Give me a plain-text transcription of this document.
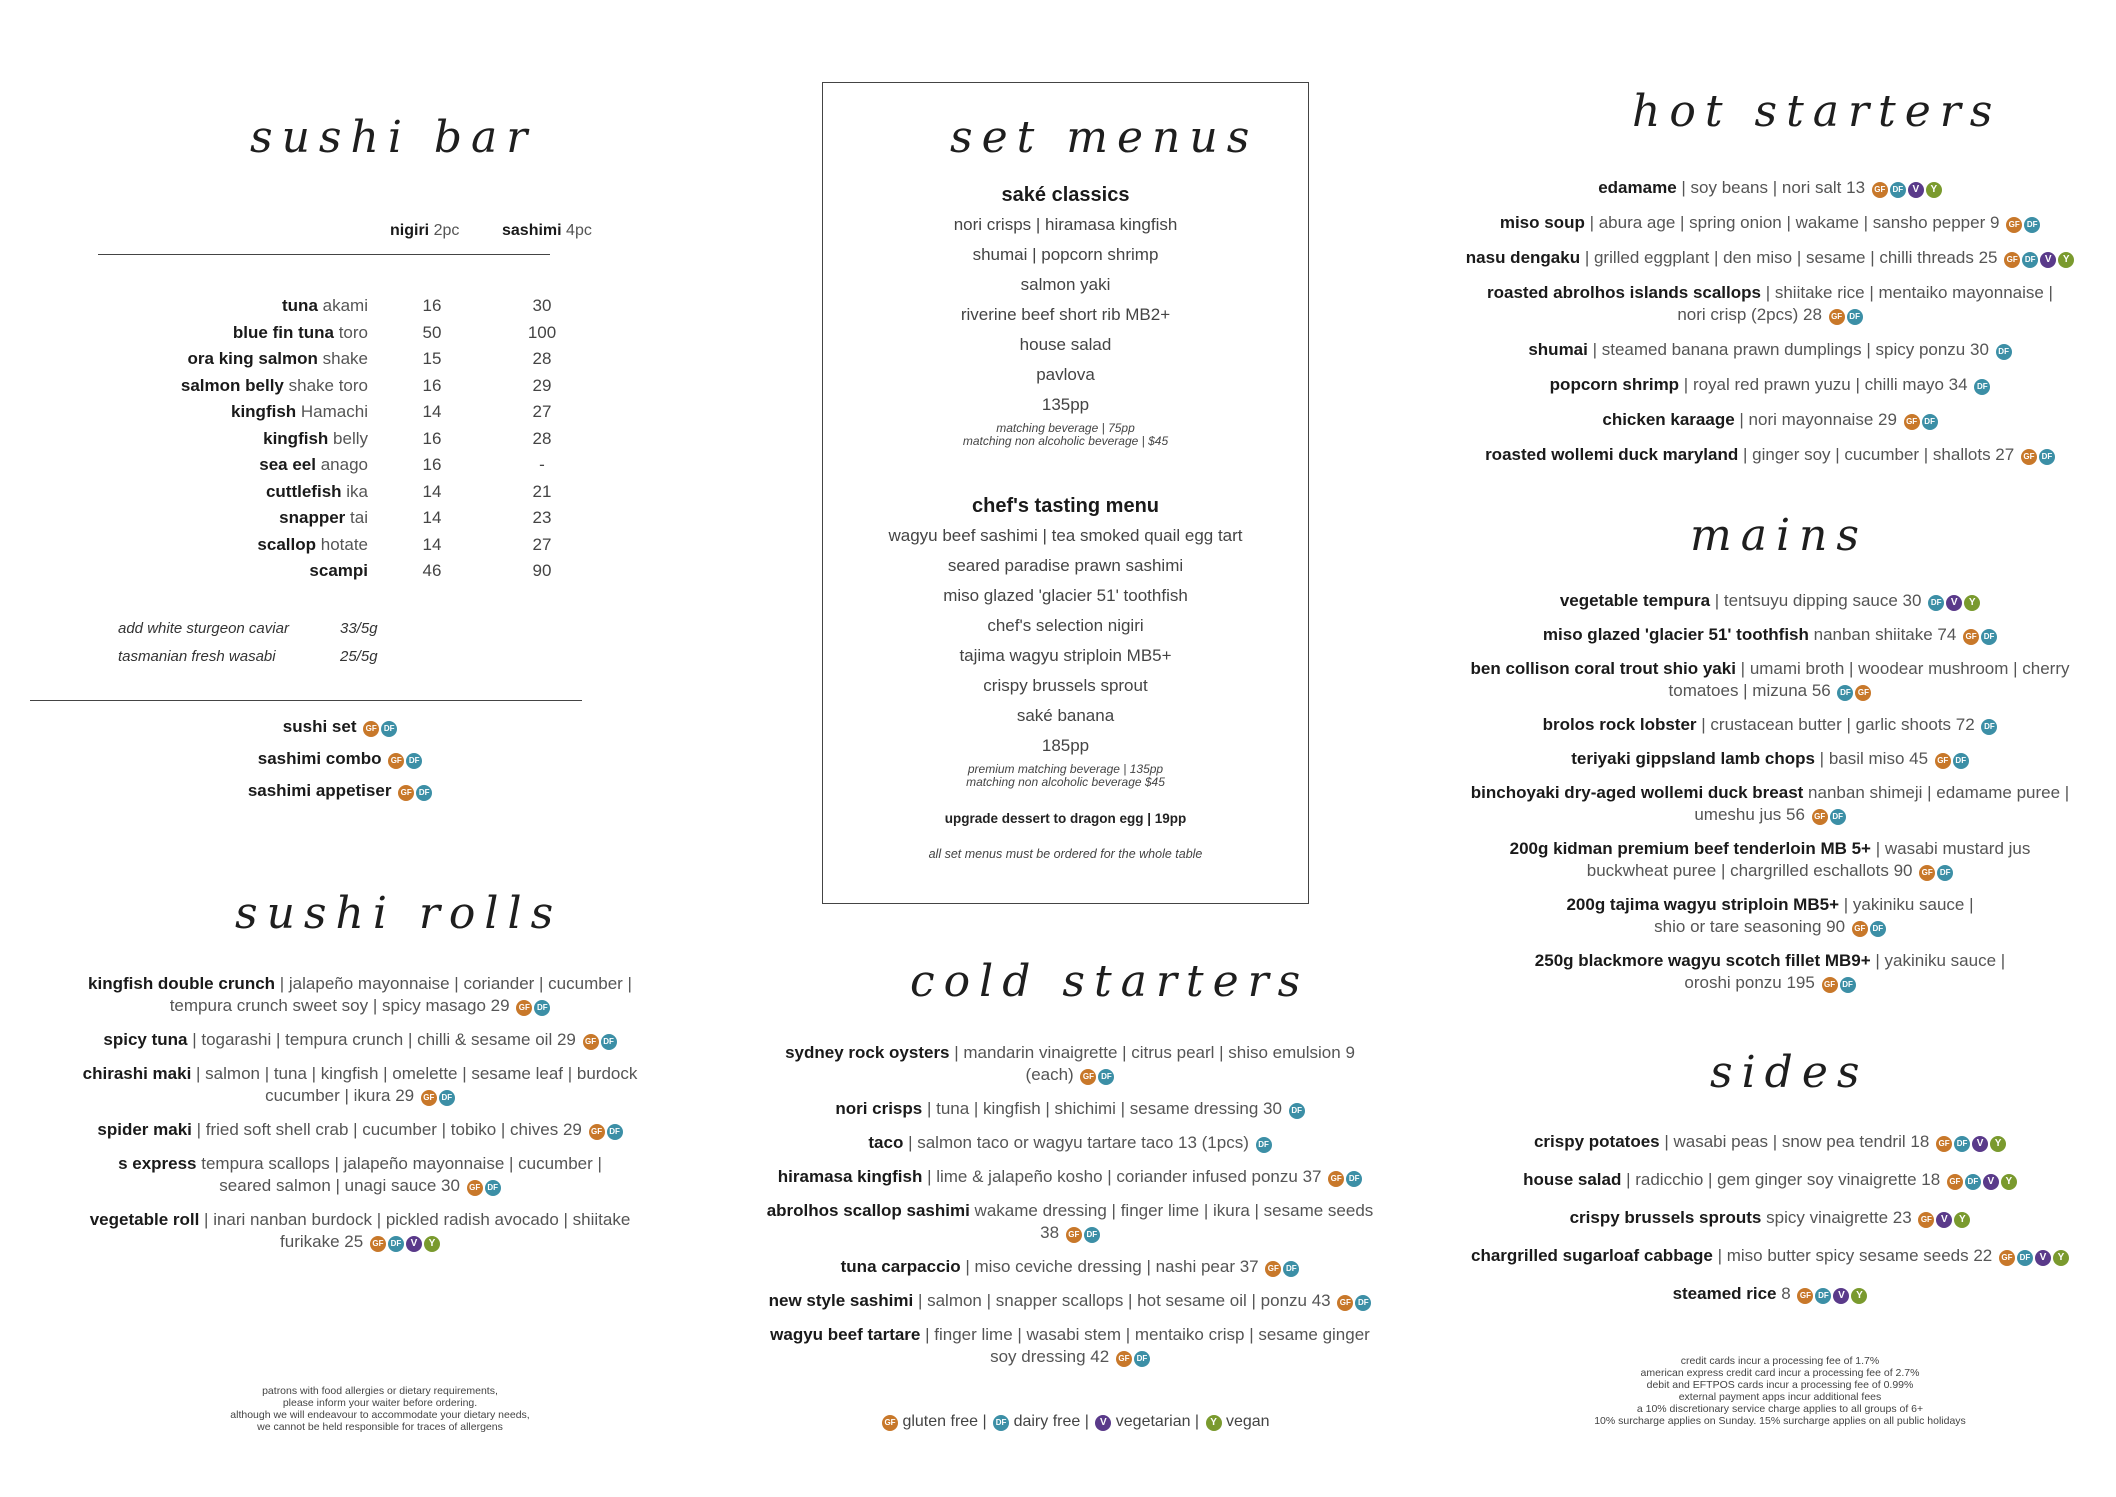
sushi bar
nigiri 2pc	sashimi 4pc
tuna akami	16	30
blue fin tuna toro	50	100
ora king salmon shake	15	28
salmon belly shake toro	16	29
kingfish Hamachi	14	27
kingfish belly	16	28
sea eel anago	16	-
cuttlefish ika	14	21
snapper tai	14	23
scallop hotate	14	27
scampi	46	90
add white sturgeon caviar	33/5g
tasmanian fresh wasabi	25/5g
sushi set GF DF
sashimi combo GF DF
sashimi appetiser GF DF
sushi rolls
kingfish double crunch | jalapeño mayonnaise | coriander | cucumber |
tempura crunch sweet soy | spicy masago 29 GF DF
spicy tuna | togarashi | tempura crunch | chilli & sesame oil 29 GF DF
chirashi maki | salmon | tuna | kingfish | omelette | sesame leaf | burdock
cucumber | ikura 29 GF DF
spider maki | fried soft shell crab | cucumber | tobiko | chives 29 GF DF
s express tempura scallops | jalapeño mayonnaise | cucumber |
seared salmon | unagi sauce 30 GF DF
vegetable roll | inari nanban burdock | pickled radish avocado | shiitake
furikake 25 GF DF V Y
patrons with food allergies or dietary requirements,
please inform your waiter before ordering.
although we will endeavour to accommodate your dietary needs,
we cannot be held responsible for traces of allergens
set menus
saké classics
nori crisps | hiramasa kingfish
shumai | popcorn shrimp
salmon yaki
riverine beef short rib MB2+
house salad
pavlova
135pp
matching beverage | 75pp
matching non alcoholic beverage | $45
chef's tasting menu
wagyu beef sashimi | tea smoked quail egg tart
seared paradise prawn sashimi
miso glazed 'glacier 51' toothfish
chef's selection nigiri
tajima wagyu striploin MB5+
crispy brussels sprout
saké banana
185pp
premium matching beverage | 135pp
matching non alcoholic beverage $45
upgrade dessert to dragon egg | 19pp
all set menus must be ordered for the whole table
cold starters
sydney rock oysters | mandarin vinaigrette | citrus pearl | shiso emulsion 9
(each) GF DF
nori crisps | tuna | kingfish | shichimi | sesame dressing 30 DF
taco | salmon taco or wagyu tartare taco 13 (1pcs) DF
hiramasa kingfish | lime & jalapeño kosho | coriander infused ponzu 37 GF DF
abrolhos scallop sashimi wakame dressing | finger lime | ikura | sesame seeds
38 GF DF
tuna carpaccio | miso ceviche dressing | nashi pear 37 GF DF
new style sashimi | salmon | snapper scallops | hot sesame oil | ponzu 43 GF DF
wagyu beef tartare | finger lime | wasabi stem | mentaiko crisp | sesame ginger
soy dressing 42 GF DF
GF gluten free | DF dairy free | V vegetarian | Y vegan
hot starters
edamame | soy beans | nori salt 13 GF DF V Y
miso soup | abura age | spring onion | wakame | sansho pepper 9 GF DF
nasu dengaku | grilled eggplant | den miso | sesame | chilli threads 25 GF DF V Y
roasted abrolhos islands scallops | shiitake rice | mentaiko mayonnaise |
nori crisp (2pcs) 28 GF DF
shumai | steamed banana prawn dumplings | spicy ponzu 30 DF
popcorn shrimp | royal red prawn yuzu | chilli mayo 34 DF
chicken karaage | nori mayonnaise 29 GF DF
roasted wollemi duck maryland | ginger soy | cucumber | shallots 27 GF DF
mains
vegetable tempura | tentsuyu dipping sauce 30 DF V Y
miso glazed 'glacier 51' toothfish nanban shiitake 74 GF DF
ben collison coral trout shio yaki | umami broth | woodear mushroom | cherry
tomatoes | mizuna 56 DF GF
brolos rock lobster | crustacean butter | garlic shoots 72 DF
teriyaki gippsland lamb chops | basil miso 45 GF DF
binchoyaki dry-aged wollemi duck breast nanban shimeji | edamame puree |
umeshu jus 56 GF DF
200g kidman premium beef tenderloin MB 5+ | wasabi mustard jus
buckwheat puree | chargrilled eschallots 90 GF DF
200g tajima wagyu striploin MB5+ | yakiniku sauce |
shio or tare seasoning 90 GF DF
250g blackmore wagyu scotch fillet MB9+ | yakiniku sauce |
oroshi ponzu 195 GF DF
sides
crispy potatoes | wasabi peas | snow pea tendril 18 GF DF V Y
house salad | radicchio | gem ginger soy vinaigrette 18 GF DF V Y
crispy brussels sprouts spicy vinaigrette 23 GF V Y
chargrilled sugarloaf cabbage | miso butter spicy sesame seeds 22 GF DF V Y
steamed rice 8 GF DF V Y
credit cards incur a processing fee of 1.7%
american express credit card incur a processing fee of 2.7%
debit and EFTPOS cards incur a processing fee of 0.99%
external payment apps incur additional fees
a 10% discretionary service charge applies to all groups of 6+
10% surcharge applies on Sunday. 15% surcharge applies on all public holidays
